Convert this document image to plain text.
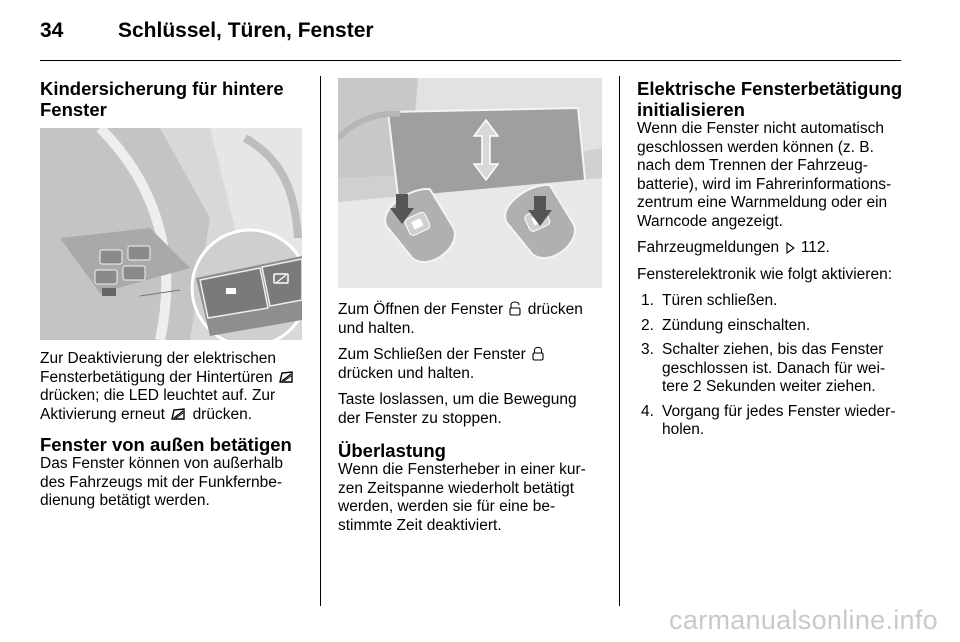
34	Schlüssel, Türen, Fenster
Kindersicherung für hintere Fenster

Zur Deaktivierung der elektrischen Fensterbetätigung der Hintertüren  drücken; die LED leuchtet auf. Zur Aktivierung erneut drücken.

Fenster von außen betätigen

Das Fenster können von außerhalb des Fahrzeugs mit der Funkfernbe-dienung betätigt werden.

Zum Öffnen der Fenster drücken und halten.

Zum Schließen der Fenster  drücken und halten.

Taste loslassen, um die Bewegung der Fenster zu stoppen.

Überlastung

Wenn die Fensterheber in einer kur-zen Zeitspanne wiederholt betätigt werden, werden sie für eine be-stimmte Zeit deaktiviert.

Elektrische Fensterbetätigung initialisieren

Wenn die Fenster nicht automatisch geschlossen werden können (z. B. nach dem Trennen der Fahrzeug-batterie), wird im Fahrerinformations-zentrum eine Warnmeldung oder ein Warncode angezeigt.

Fahrzeugmeldungen 112.

Fensterelektronik wie folgt aktivieren:

1. Türen schließen.
2. Zündung einschalten.
3. Schalter ziehen, bis das Fenster geschlossen ist. Danach für wei-tere 2 Sekunden weiter ziehen.
4. Vorgang für jedes Fenster wieder-holen.
carmanualsonline.info
